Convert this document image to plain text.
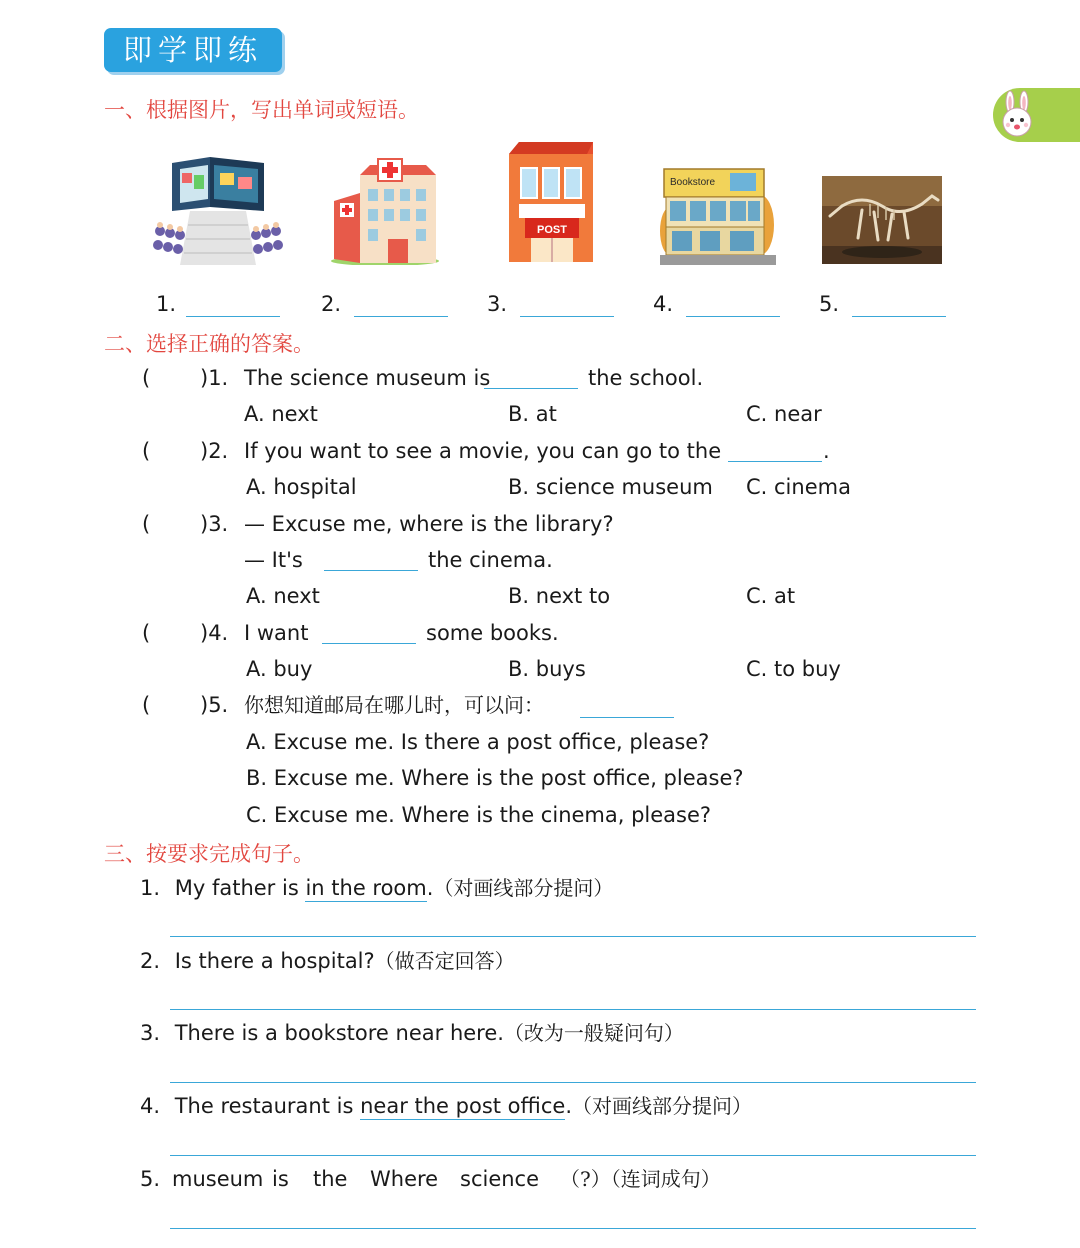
即学即练
一、根据图片，写出单词或短语。
POST
Bookstore
1.	2.	3.	4.	5.
二、选择正确的答案。
( )1. The science museum is	the school.
A. next	B. at	C. near
( )2. If you want to see a movie, you can go to the	.
A. hospital	B. science museum C. cinema
( )3. — Excuse me, where is the library?
— It's	the cinema.
A. next	B. next to	C. at
( )4. I want	some books.
A. buy	B. buys	C. to buy
( )5. 你想知道邮局在哪儿时，可以问：
A. Excuse me. Is there a post office, please?
B. Excuse me. Where is the post office, please?
C. Excuse me. Where is the cinema, please?
三、按要求完成句子。
1. My father is in the room.（对画线部分提问）
2. Is there a hospital?（做否定回答）
3. There is a bookstore near here.（改为一般疑问句）
4. The restaurant is near the post office.（对画线部分提问）
5. museum is the Where science （?）（连词成句）
